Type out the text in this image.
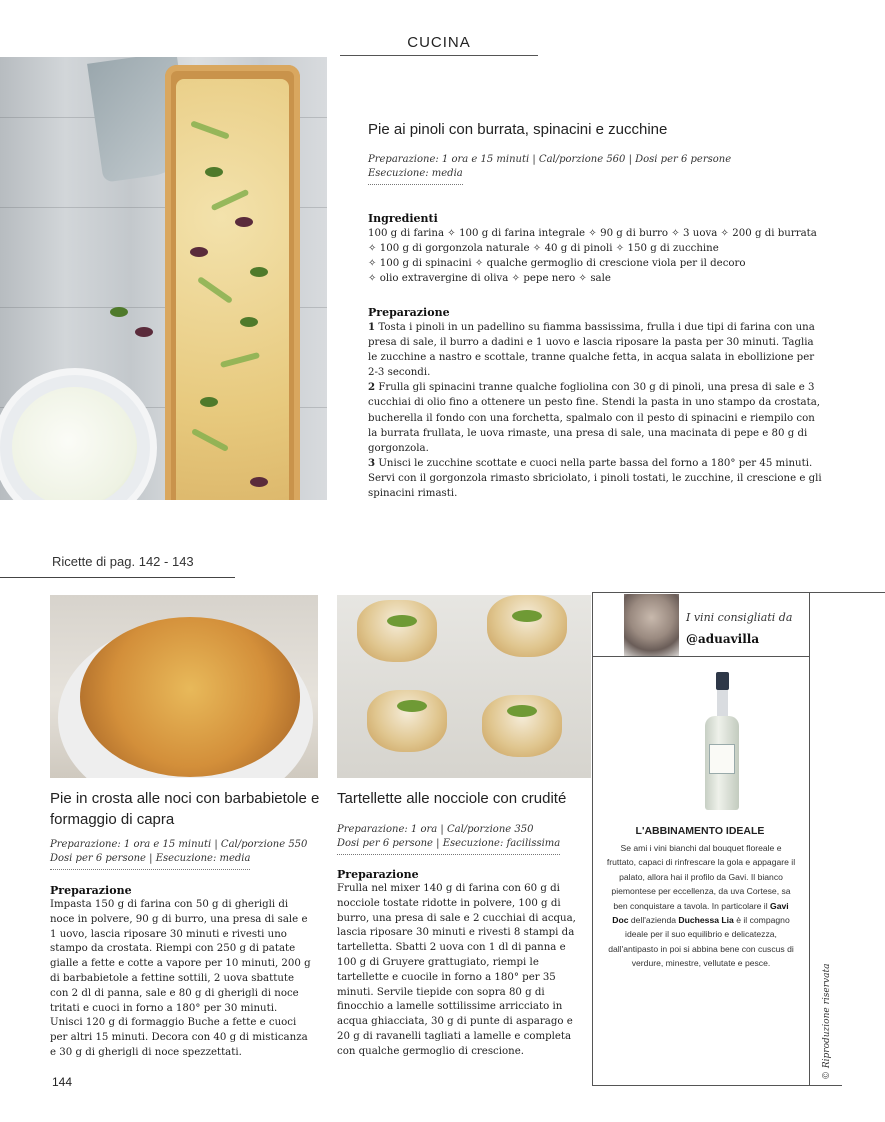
CUCINA
Pie ai pinoli con burrata, spinacini e zucchine
Preparazione: 1 ora e 15 minuti | Cal/porzione 560 | Dosi per 6 persone
Esecuzione: media
Ingredienti
100 g di farina ✧ 100 g di farina integrale ✧ 90 g di burro ✧ 3 uova ✧ 200 g di burrata
✧ 100 g di gorgonzola naturale ✧ 40 g di pinoli ✧ 150 g di zucchine
✧ 100 g di spinacini ✧ qualche germoglio di crescione viola per il decoro
✧ olio extravergine di oliva ✧ pepe nero ✧ sale
Preparazione

1 Tosta i pinoli in un padellino su fiamma bassissima, frulla i due tipi di farina con una presa di sale, il burro a dadini e 1 uovo e lascia riposare la pasta per 30 minuti. Taglia le zucchine a nastro e scottale, tranne qualche fetta, in acqua salata in ebollizione per 2-3 secondi.

2 Frulla gli spinacini tranne qualche fogliolina con 30 g di pinoli, una presa di sale e 3 cucchiai di olio fino a ottenere un pesto fine. Stendi la pasta in uno stampo da crostata, bucherella il fondo con una forchetta, spalmalo con il pesto di spinacini e riempilo con la burrata frullata, le uova rimaste, una presa di sale, una macinata di pepe e 80 g di gorgonzola.

3 Unisci le zucchine scottate e cuoci nella parte bassa del forno a 180° per 45 minuti. Servi con il gorgonzola rimasto sbriciolato, i pinoli tostati, le zucchine, il crescione e gli spinacini rimasti.

Ricette di pag. 142 - 143
Pie in crosta alle noci con barbabietole e formaggio di capra
Preparazione: 1 ora e 15 minuti | Cal/porzione 550
Dosi per 6 persone | Esecuzione: media
Preparazione
Impasta 150 g di farina con 50 g di gherigli di noce in polvere, 90 g di burro, una presa di sale e 1 uovo, lascia riposare 30 minuti e rivesti uno stampo da crostata. Riempi con 250 g di patate gialle a fette e cotte a vapore per 10 minuti, 200 g di barbabietole a fettine sottili, 2 uova sbattute con 2 dl di panna, sale e 80 g di gherigli di noce tritati e cuoci in forno a 180° per 30 minuti. Unisci 120 g di formaggio Buche a fette e cuoci per altri 15 minuti. Decora con 40 g di misticanza e 30 g di gherigli di noce spezzettati.
Tartellette alle nocciole con crudité
Preparazione: 1 ora | Cal/porzione 350
Dosi per 6 persone | Esecuzione: facilissima
Preparazione
Frulla nel mixer 140 g di farina con 60 g di nocciole tostate ridotte in polvere, 100 g di burro, una presa di sale e 2 cucchiai di acqua, lascia riposare 30 minuti e rivesti 8 stampi da tartelletta. Sbatti 2 uova con 1 dl di panna e 100 g di Gruyere grattugiato, riempi le tartellette e cuocile in forno a 180° per 35 minuti. Servile tiepide con sopra 80 g di finocchio a lamelle sottilissime arricciato in acqua ghiacciata, 30 g di punte di asparago e 20 g di ravanelli tagliati a lamelle e completa con qualche germoglio di crescione.
I vini consigliati da
@aduavilla
L'ABBINAMENTO IDEALE
Se ami i vini bianchi dal bouquet floreale e fruttato, capaci di rinfrescare la gola e appagare il palato, allora hai il profilo da Gavi. Il bianco piemontese per eccellenza, da uva Cortese, sa ben conquistare a tavola. In particolare il Gavi Doc dell'azienda Duchessa Lia è il compagno ideale per il suo equilibrio e delicatezza, dall'antipasto in poi si abbina bene con cuscus di verdure, minestre, vellutate e pesce.
© Riproduzione riservata
144
